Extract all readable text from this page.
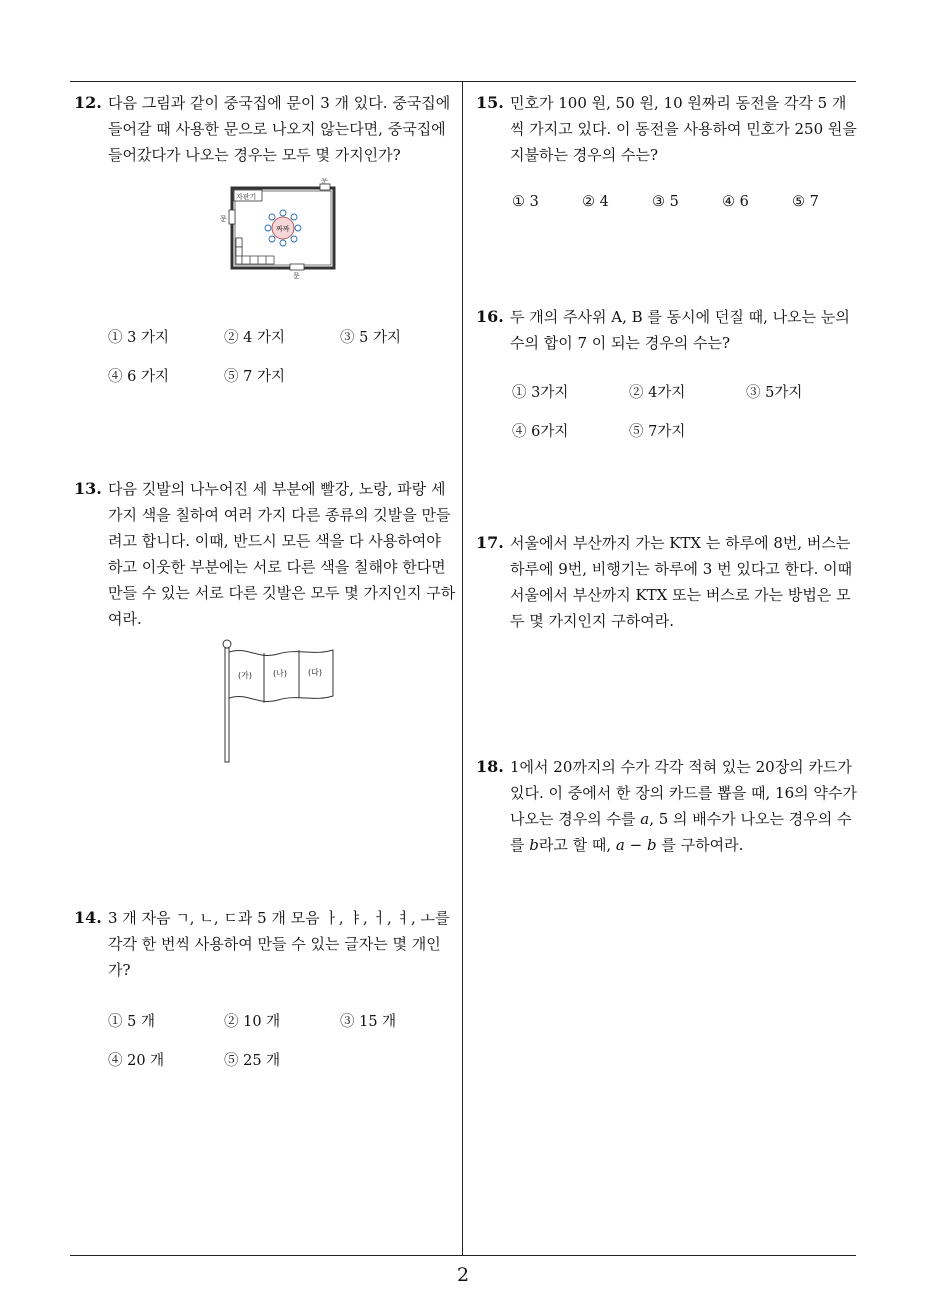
12. 다음 그림과 같이 중국집에 문이 3 개 있다. 중국집에 들어갈 때 사용한 문으로 나오지 않는다면, 중국집에 들어갔다가 나오는 경우는 모두 몇 가지인가?

자판기
문
문
문
짜짜
① 3 가지	② 4 가지	③ 5 가지
④ 6 가지	⑤ 7 가지

13. 다음 깃발의 나누어진 세 부분에 빨강, 노랑, 파랑 세 가지 색을 칠하여 여러 가지 다른 종류의 깃발을 만들려고 합니다. 이때, 반드시 모든 색을 다 사용하여야 하고 이웃한 부분에는 서로 다른 색을 칠해야 한다면 만들 수 있는 서로 다른 깃발은 모두 몇 가지인지 구하여라.

(가)	(나)	(다)

14. 3 개 자음 ㄱ, ㄴ, ㄷ과 5 개 모음 ㅏ, ㅑ, ㅓ, ㅕ, ㅗ를 각각 한 번씩 사용하여 만들 수 있는 글자는 몇 개인가?

① 5 개	② 10 개	③ 15 개
④ 20 개	⑤ 25 개

15. 민호가 100 원, 50 원, 10 원짜리 동전을 각각 5 개씩 가지고 있다. 이 동전을 사용하여 민호가 250 원을 지불하는 경우의 수는?

① 3	② 4	③ 5	④ 6	⑤ 7

16. 두 개의 주사위 A, B 를 동시에 던질 때, 나오는 눈의 수의 합이 7 이 되는 경우의 수는?

① 3가지	② 4가지	③ 5가지
④ 6가지	⑤ 7가지

17. 서울에서 부산까지 가는 KTX 는 하루에 8번, 버스는 하루에 9번, 비행기는 하루에 3 번 있다고 한다. 이때 서울에서 부산까지 KTX 또는 버스로 가는 방법은 모두 몇 가지인지 구하여라.

18. 1에서 20까지의 수가 각각 적혀 있는 20장의 카드가 있다. 이 중에서 한 장의 카드를 뽑을 때, 16의 약수가 나오는 경우의 수를 a, 5 의 배수가 나오는 경우의 수를 b라고 할 때, a − b 를 구하여라.

2
